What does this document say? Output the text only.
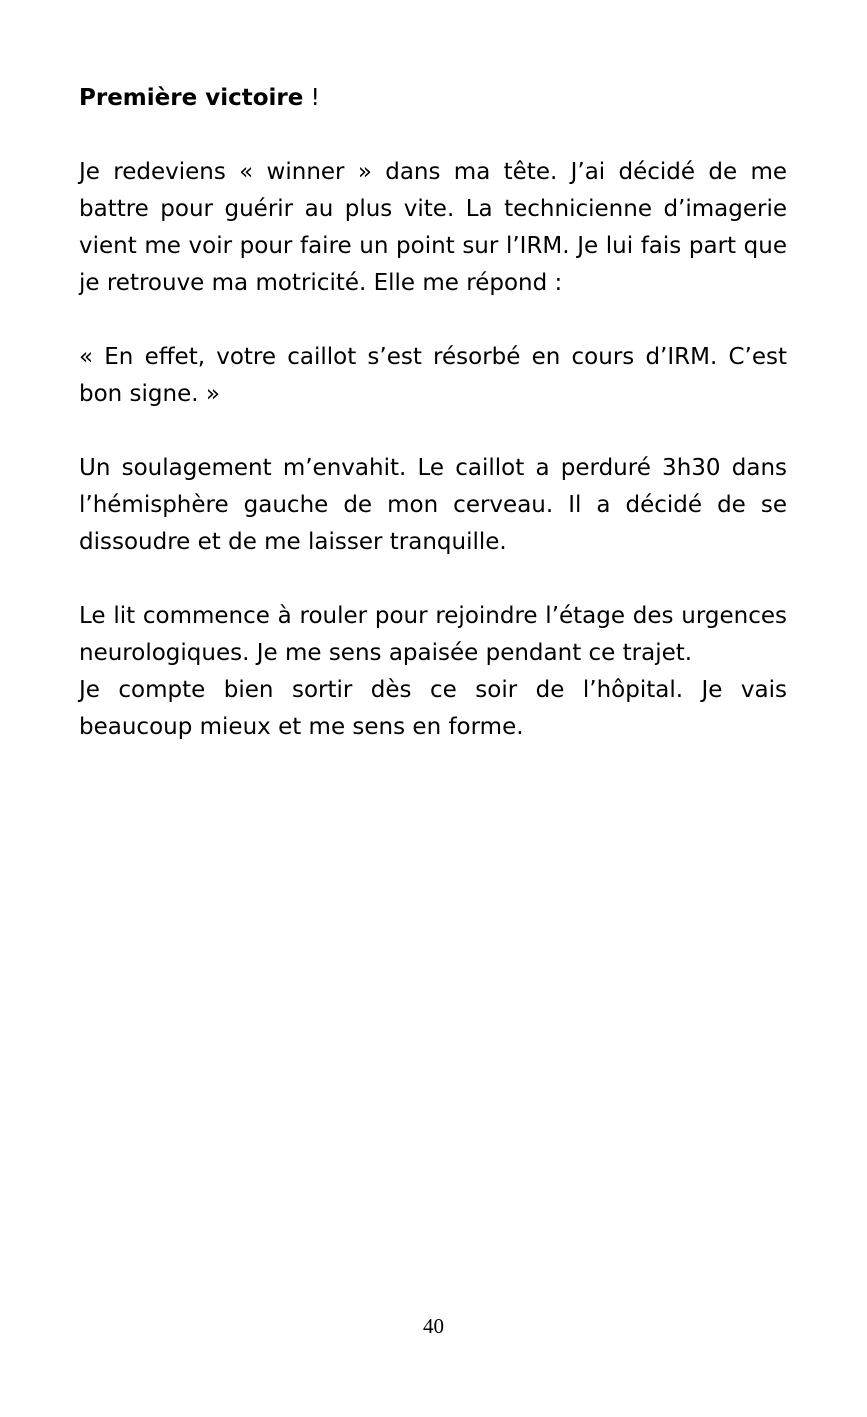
Première victoire !

Je redeviens « winner » dans ma tête. J’ai décidé de me battre pour guérir au plus vite. La technicienne d’imagerie vient me voir pour faire un point sur l’IRM. Je lui fais part que je retrouve ma motricité. Elle me répond :

« En effet, votre caillot s’est résorbé en cours d’IRM. C’est bon signe. »

Un soulagement m’envahit. Le caillot a perduré 3h30 dans l’hémisphère gauche de mon cerveau. Il a décidé de se dissoudre et de me laisser tranquille.

Le lit commence à rouler pour rejoindre l’étage des urgences neurologiques. Je me sens apaisée pendant ce trajet.

Je compte bien sortir dès ce soir de l’hôpital. Je vais beaucoup mieux et me sens en forme.

40
